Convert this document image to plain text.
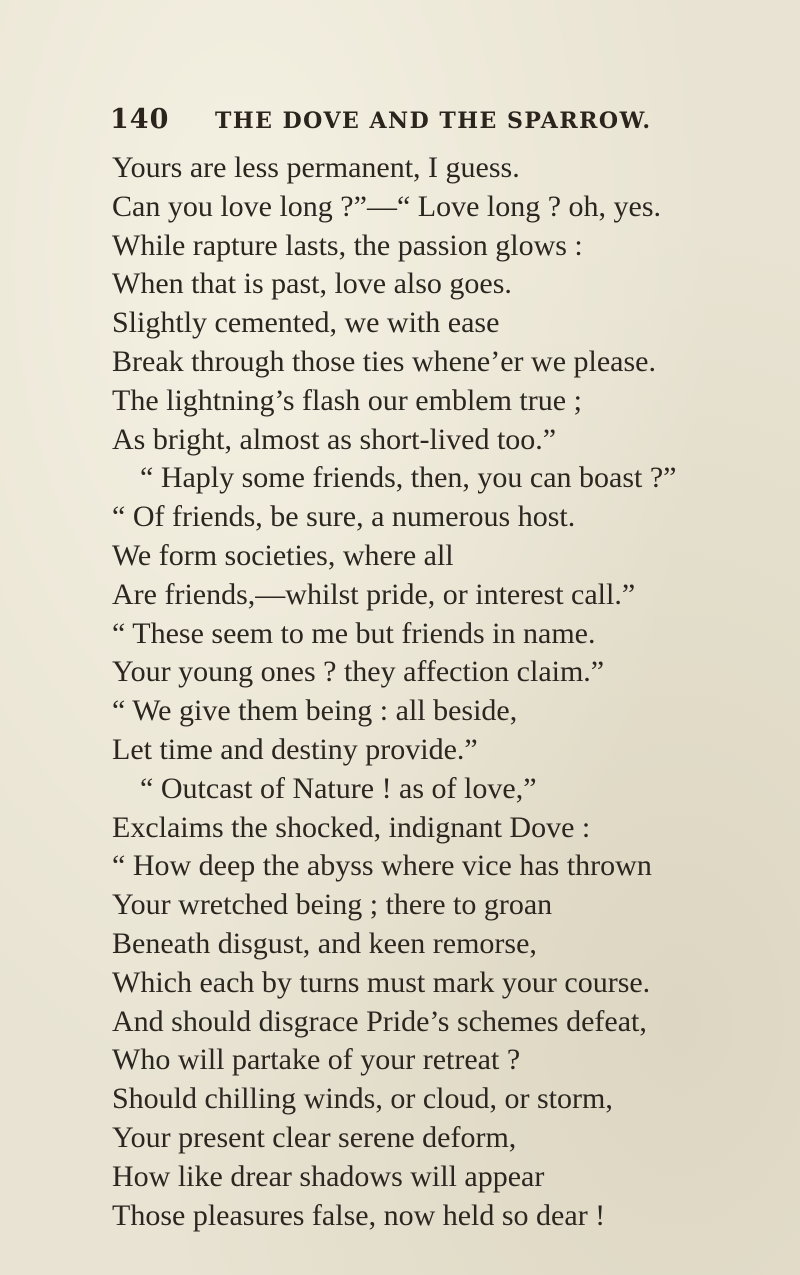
140 THE DOVE AND THE SPARROW.
Yours are less permanent, I guess.
Can you love long ?”—“ Love long ? oh, yes.
While rapture lasts, the passion glows :
When that is past, love also goes.
Slightly cemented, we with ease
Break through those ties whene’er we please.
The lightning’s flash our emblem true ;
As bright, almost as short-lived too.”
“ Haply some friends, then, you can boast ?”
“ Of friends, be sure, a numerous host.
We form societies, where all
Are friends,—whilst pride, or interest call.”
“ These seem to me but friends in name.
Your young ones ? they affection claim.”
“ We give them being : all beside,
Let time and destiny provide.”
“ Outcast of Nature ! as of love,”
Exclaims the shocked, indignant Dove :
“ How deep the abyss where vice has thrown
Your wretched being ; there to groan
Beneath disgust, and keen remorse,
Which each by turns must mark your course.
And should disgrace Pride’s schemes defeat,
Who will partake of your retreat ?
Should chilling winds, or cloud, or storm,
Your present clear serene deform,
How like drear shadows will appear
Those pleasures false, now held so dear !
